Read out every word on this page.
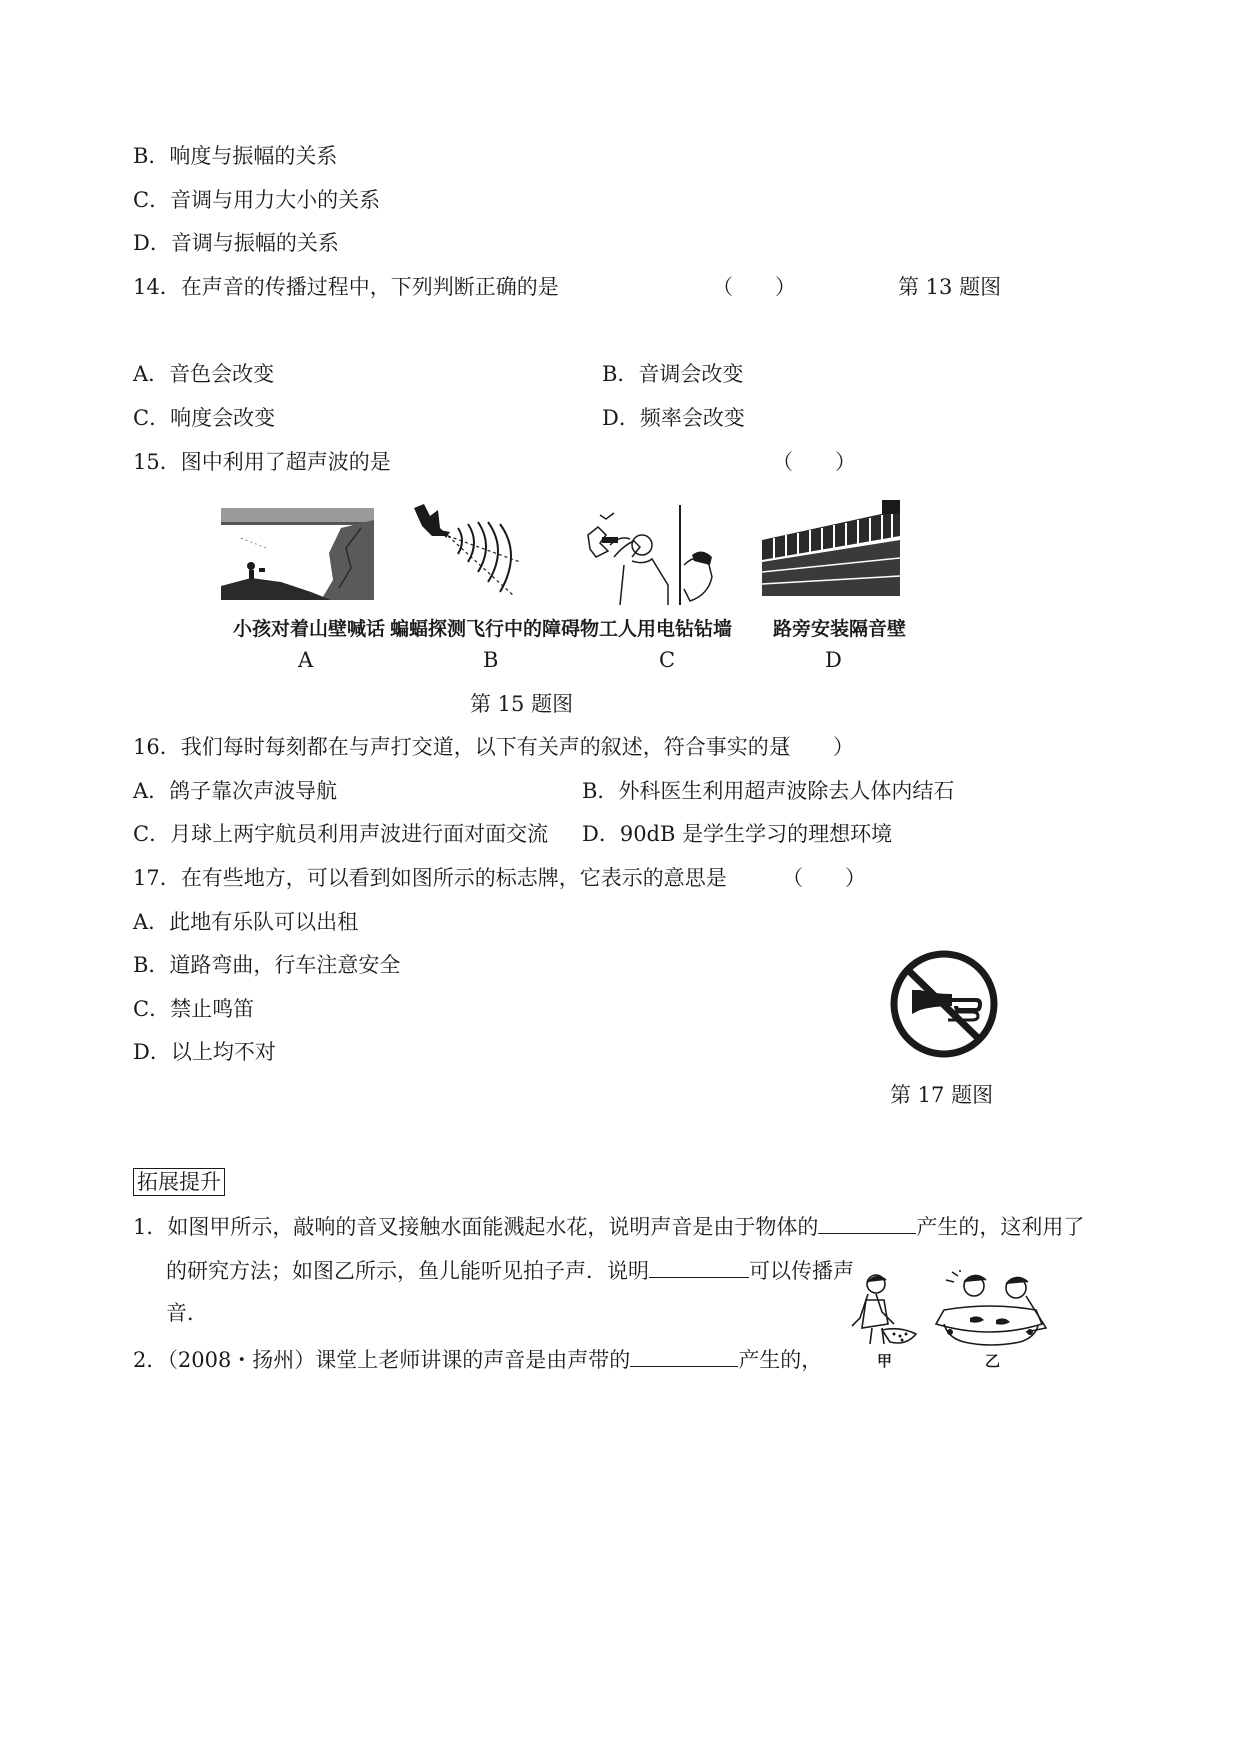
B．响度与振幅的关系
C．音调与用力大小的关系
D．音调与振幅的关系
14．在声音的传播过程中，下列判断正确的是	（　　）	第 13 题图
A．音色会改变	B．音调会改变
C．响度会改变	D．频率会改变
15．图中利用了超声波的是	（　　）
小孩对着山壁喊话
A
蝙蝠探测飞行中的障碍物
B
工人用电钻钻墙
C
路旁安装隔音壁
D
第 15 题图
16．我们每时每刻都在与声打交道，以下有关声的叙述，符合事实的是
（　　）
A．鸽子靠次声波导航	B．外科医生利用超声波除去人体内结石
C．月球上两宇航员利用声波进行面对面交流 D．90dB 是学生学习的理想环境
17．在有些地方，可以看到如图所示的标志牌，它表示的意思是	（　　）
A．此地有乐队可以出租
B．道路弯曲，行车注意安全
C．禁止鸣笛
D．以上均不对
第 17 题图
拓展提升
1．如图甲所示，敲响的音叉接触水面能溅起水花，说明声音是由于物体的	产生的，这利用了
的研究方法；如图乙所示，鱼儿能听见拍子声．说明	可以传播声
音．
甲	乙
2．（2008・扬州）课堂上老师讲课的声音是由声带的	产生的，
